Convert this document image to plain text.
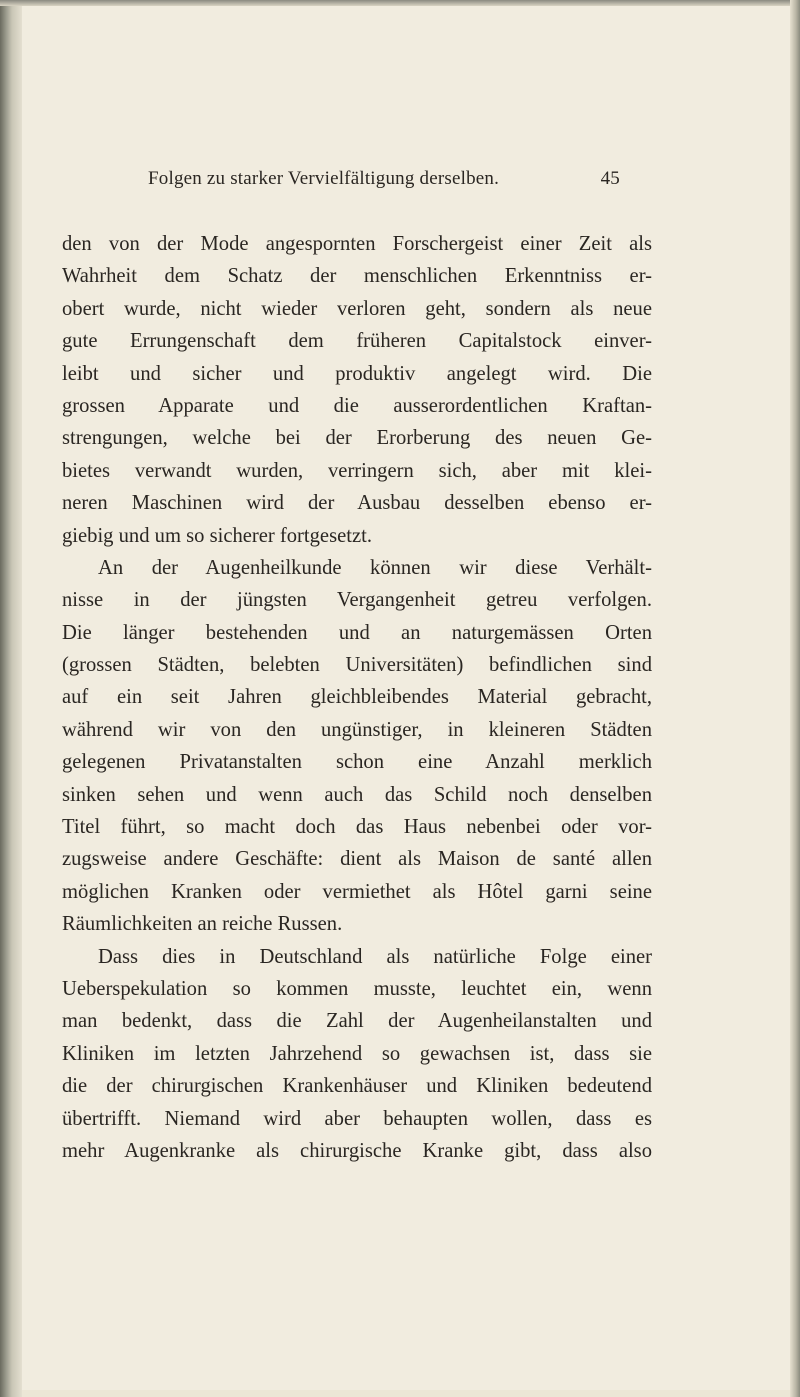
Folgen zu starker Vervielfältigung derselben.	45
den von der Mode angespornten Forschergeist einer Zeit als
Wahrheit dem Schatz der menschlichen Erkenntniss er-
obert wurde, nicht wieder verloren geht, sondern als neue
gute Errungenschaft dem früheren Capitalstock einver-
leibt und sicher und produktiv angelegt wird. Die
grossen Apparate und die ausserordentlichen Kraftan-
strengungen, welche bei der Erorberung des neuen Ge-
bietes verwandt wurden, verringern sich, aber mit klei-
neren Maschinen wird der Ausbau desselben ebenso er-
giebig und um so sicherer fortgesetzt.
An der Augenheilkunde können wir diese Verhält-
nisse in der jüngsten Vergangenheit getreu verfolgen.
Die länger bestehenden und an naturgemässen Orten
(grossen Städten, belebten Universitäten) befindlichen sind
auf ein seit Jahren gleichbleibendes Material gebracht,
während wir von den ungünstiger, in kleineren Städten
gelegenen Privatanstalten schon eine Anzahl merklich
sinken sehen und wenn auch das Schild noch denselben
Titel führt, so macht doch das Haus nebenbei oder vor-
zugsweise andere Geschäfte: dient als Maison de santé allen
möglichen Kranken oder vermiethet als Hôtel garni seine
Räumlichkeiten an reiche Russen.
Dass dies in Deutschland als natürliche Folge einer
Ueberspekulation so kommen musste, leuchtet ein, wenn
man bedenkt, dass die Zahl der Augenheilanstalten und
Kliniken im letzten Jahrzehend so gewachsen ist, dass sie
die der chirurgischen Krankenhäuser und Kliniken bedeutend
übertrifft. Niemand wird aber behaupten wollen, dass es
mehr Augenkranke als chirurgische Kranke gibt, dass also
